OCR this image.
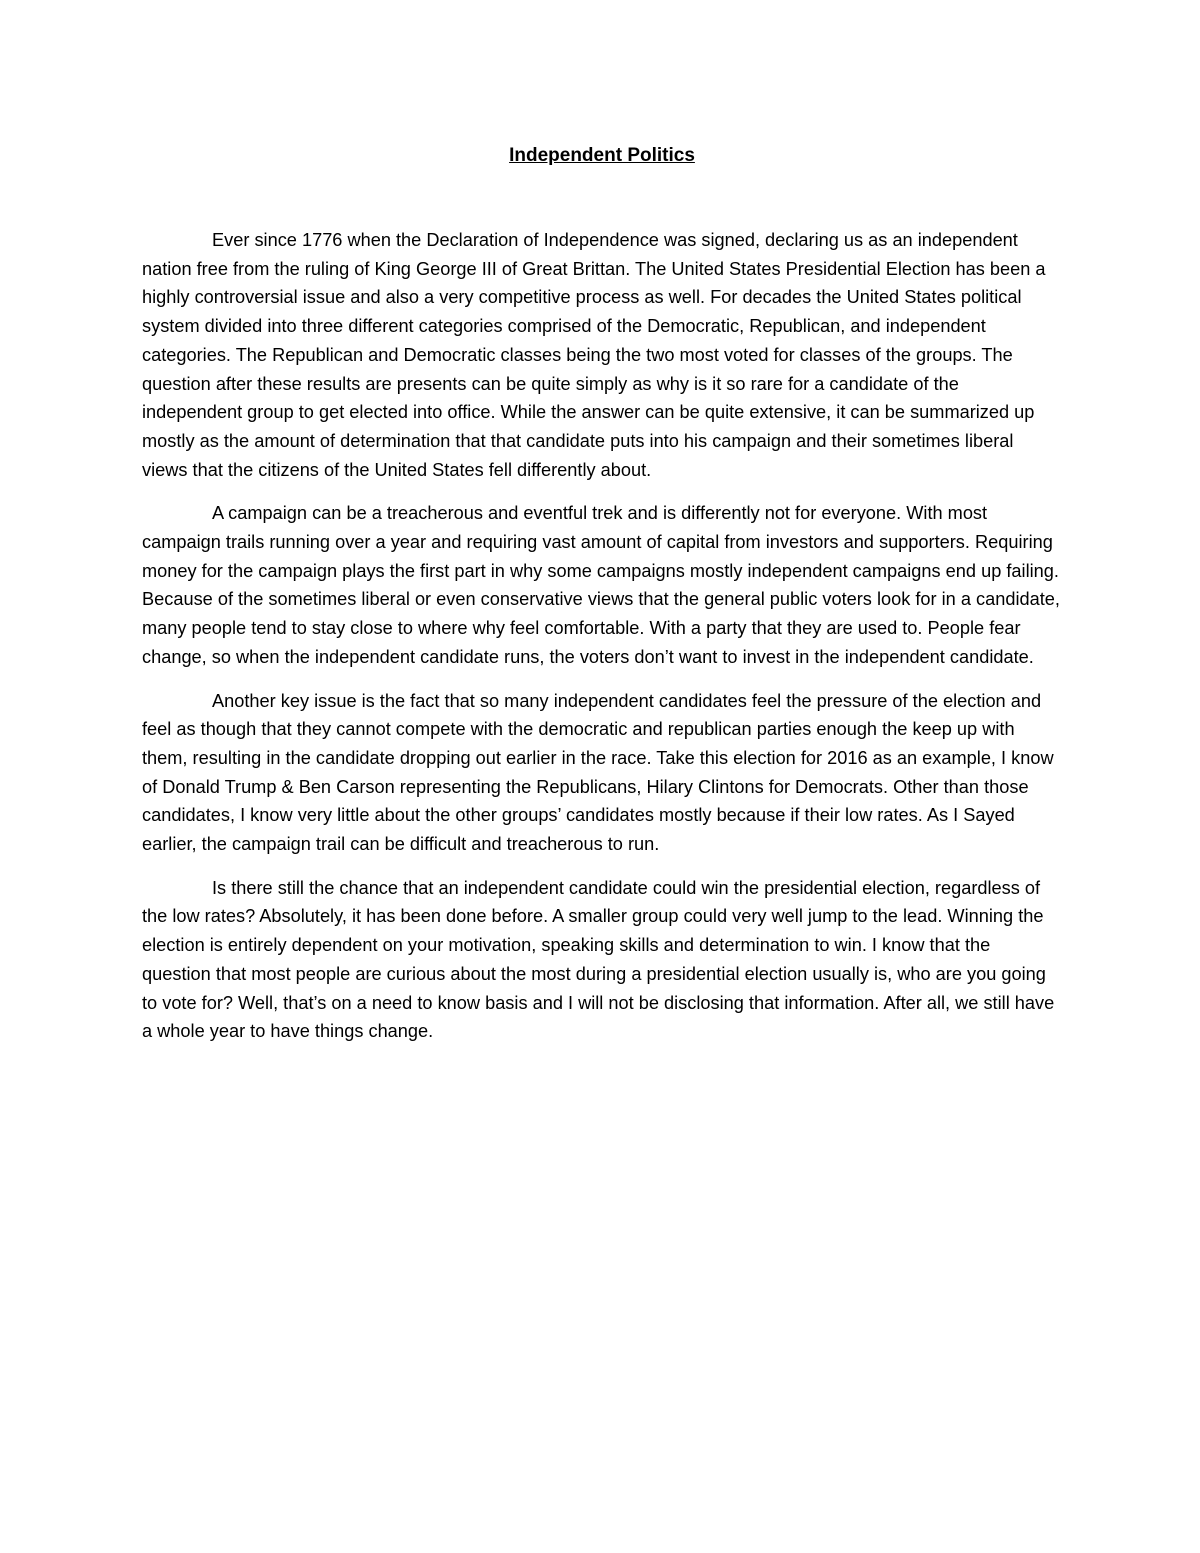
Independent Politics

Ever since 1776 when the Declaration of Independence was signed, declaring us as an independent nation free from the ruling of King George III of Great Brittan. The United States Presidential Election has been a highly controversial issue and also a very competitive process as well. For decades the United States political system divided into three different categories comprised of the Democratic, Republican, and independent categories. The Republican and Democratic classes being the two most voted for classes of the groups. The question after these results are presents can be quite simply as why is it so rare for a candidate of the independent group to get elected into office. While the answer can be quite extensive, it can be summarized up mostly as the amount of determination that that candidate puts into his campaign and their sometimes liberal views that the citizens of the United States fell differently about.

A campaign can be a treacherous and eventful trek and is differently not for everyone. With most campaign trails running over a year and requiring vast amount of capital from investors and supporters. Requiring money for the campaign plays the first part in why some campaigns mostly independent campaigns end up failing. Because of the sometimes liberal or even conservative views that the general public voters look for in a candidate, many people tend to stay close to where why feel comfortable. With a party that they are used to. People fear change, so when the independent candidate runs, the voters don’t want to invest in the independent candidate.

Another key issue is the fact that so many independent candidates feel the pressure of the election and feel as though that they cannot compete with the democratic and republican parties enough the keep up with them, resulting in the candidate dropping out earlier in the race. Take this election for 2016 as an example, I know of Donald Trump & Ben Carson representing the Republicans, Hilary Clintons for Democrats. Other than those candidates, I know very little about the other groups’ candidates mostly because if their low rates. As I Sayed earlier, the campaign trail can be difficult and treacherous to run.

Is there still the chance that an independent candidate could win the presidential election, regardless of the low rates? Absolutely, it has been done before. A smaller group could very well jump to the lead. Winning the election is entirely dependent on your motivation, speaking skills and determination to win. I know that the question that most people are curious about the most during a presidential election usually is, who are you going to vote for? Well, that’s on a need to know basis and I will not be disclosing that information. After all, we still have a whole year to have things change.
